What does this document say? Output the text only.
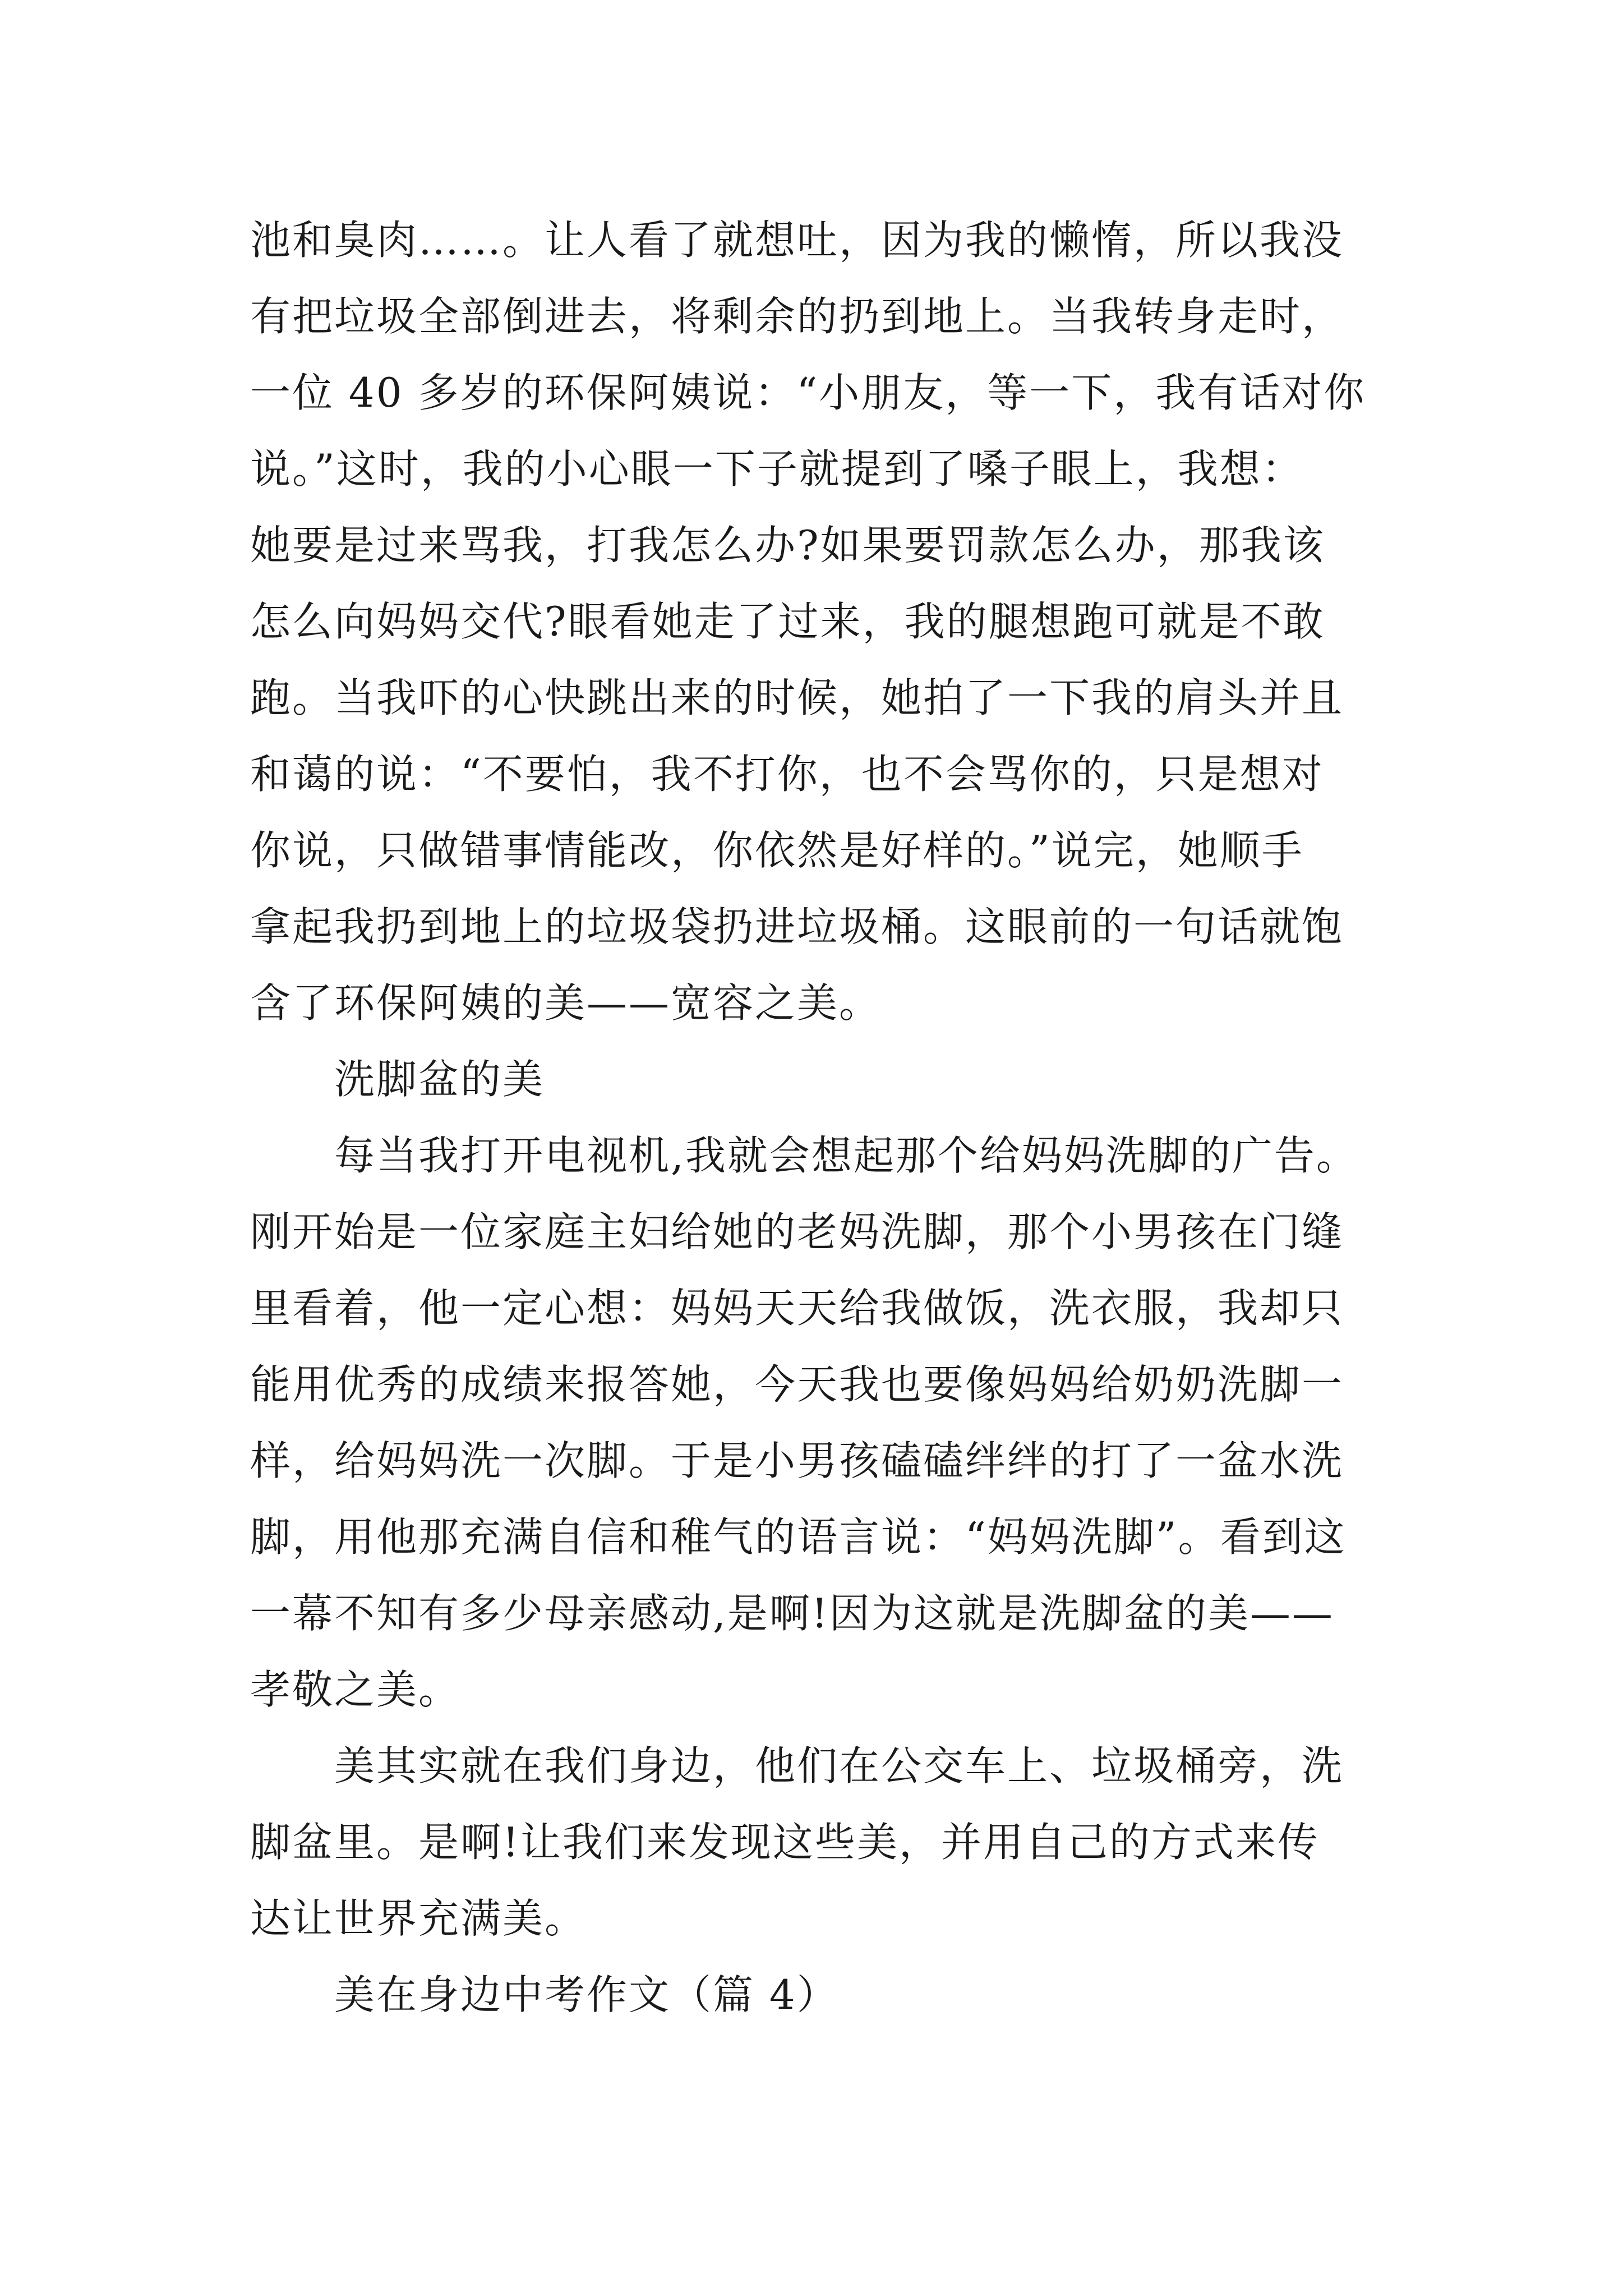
池和臭肉……。让人看了就想吐，因为我的懒惰，所以我没
有把垃圾全部倒进去，将剩余的扔到地上。当我转身走时，
一位 40 多岁的环保阿姨说：“小朋友，等一下，我有话对你
说。”这时，我的小心眼一下子就提到了嗓子眼上，我想：
她要是过来骂我，打我怎么办?如果要罚款怎么办，那我该
怎么向妈妈交代?眼看她走了过来，我的腿想跑可就是不敢
跑。当我吓的心快跳出来的时候，她拍了一下我的肩头并且
和蔼的说：“不要怕，我不打你，也不会骂你的，只是想对
你说，只做错事情能改，你依然是好样的。”说完，她顺手
拿起我扔到地上的垃圾袋扔进垃圾桶。这眼前的一句话就饱
含了环保阿姨的美——宽容之美。
洗脚盆的美
每当我打开电视机,我就会想起那个给妈妈洗脚的广告。
刚开始是一位家庭主妇给她的老妈洗脚，那个小男孩在门缝
里看着，他一定心想：妈妈天天给我做饭，洗衣服，我却只
能用优秀的成绩来报答她，今天我也要像妈妈给奶奶洗脚一
样，给妈妈洗一次脚。于是小男孩磕磕绊绊的打了一盆水洗
脚，用他那充满自信和稚气的语言说：“妈妈洗脚”。看到这
一幕不知有多少母亲感动,是啊!因为这就是洗脚盆的美——
孝敬之美。
美其实就在我们身边，他们在公交车上、垃圾桶旁，洗
脚盆里。是啊!让我们来发现这些美，并用自己的方式来传
达让世界充满美。
美在身边中考作文（篇 4）
